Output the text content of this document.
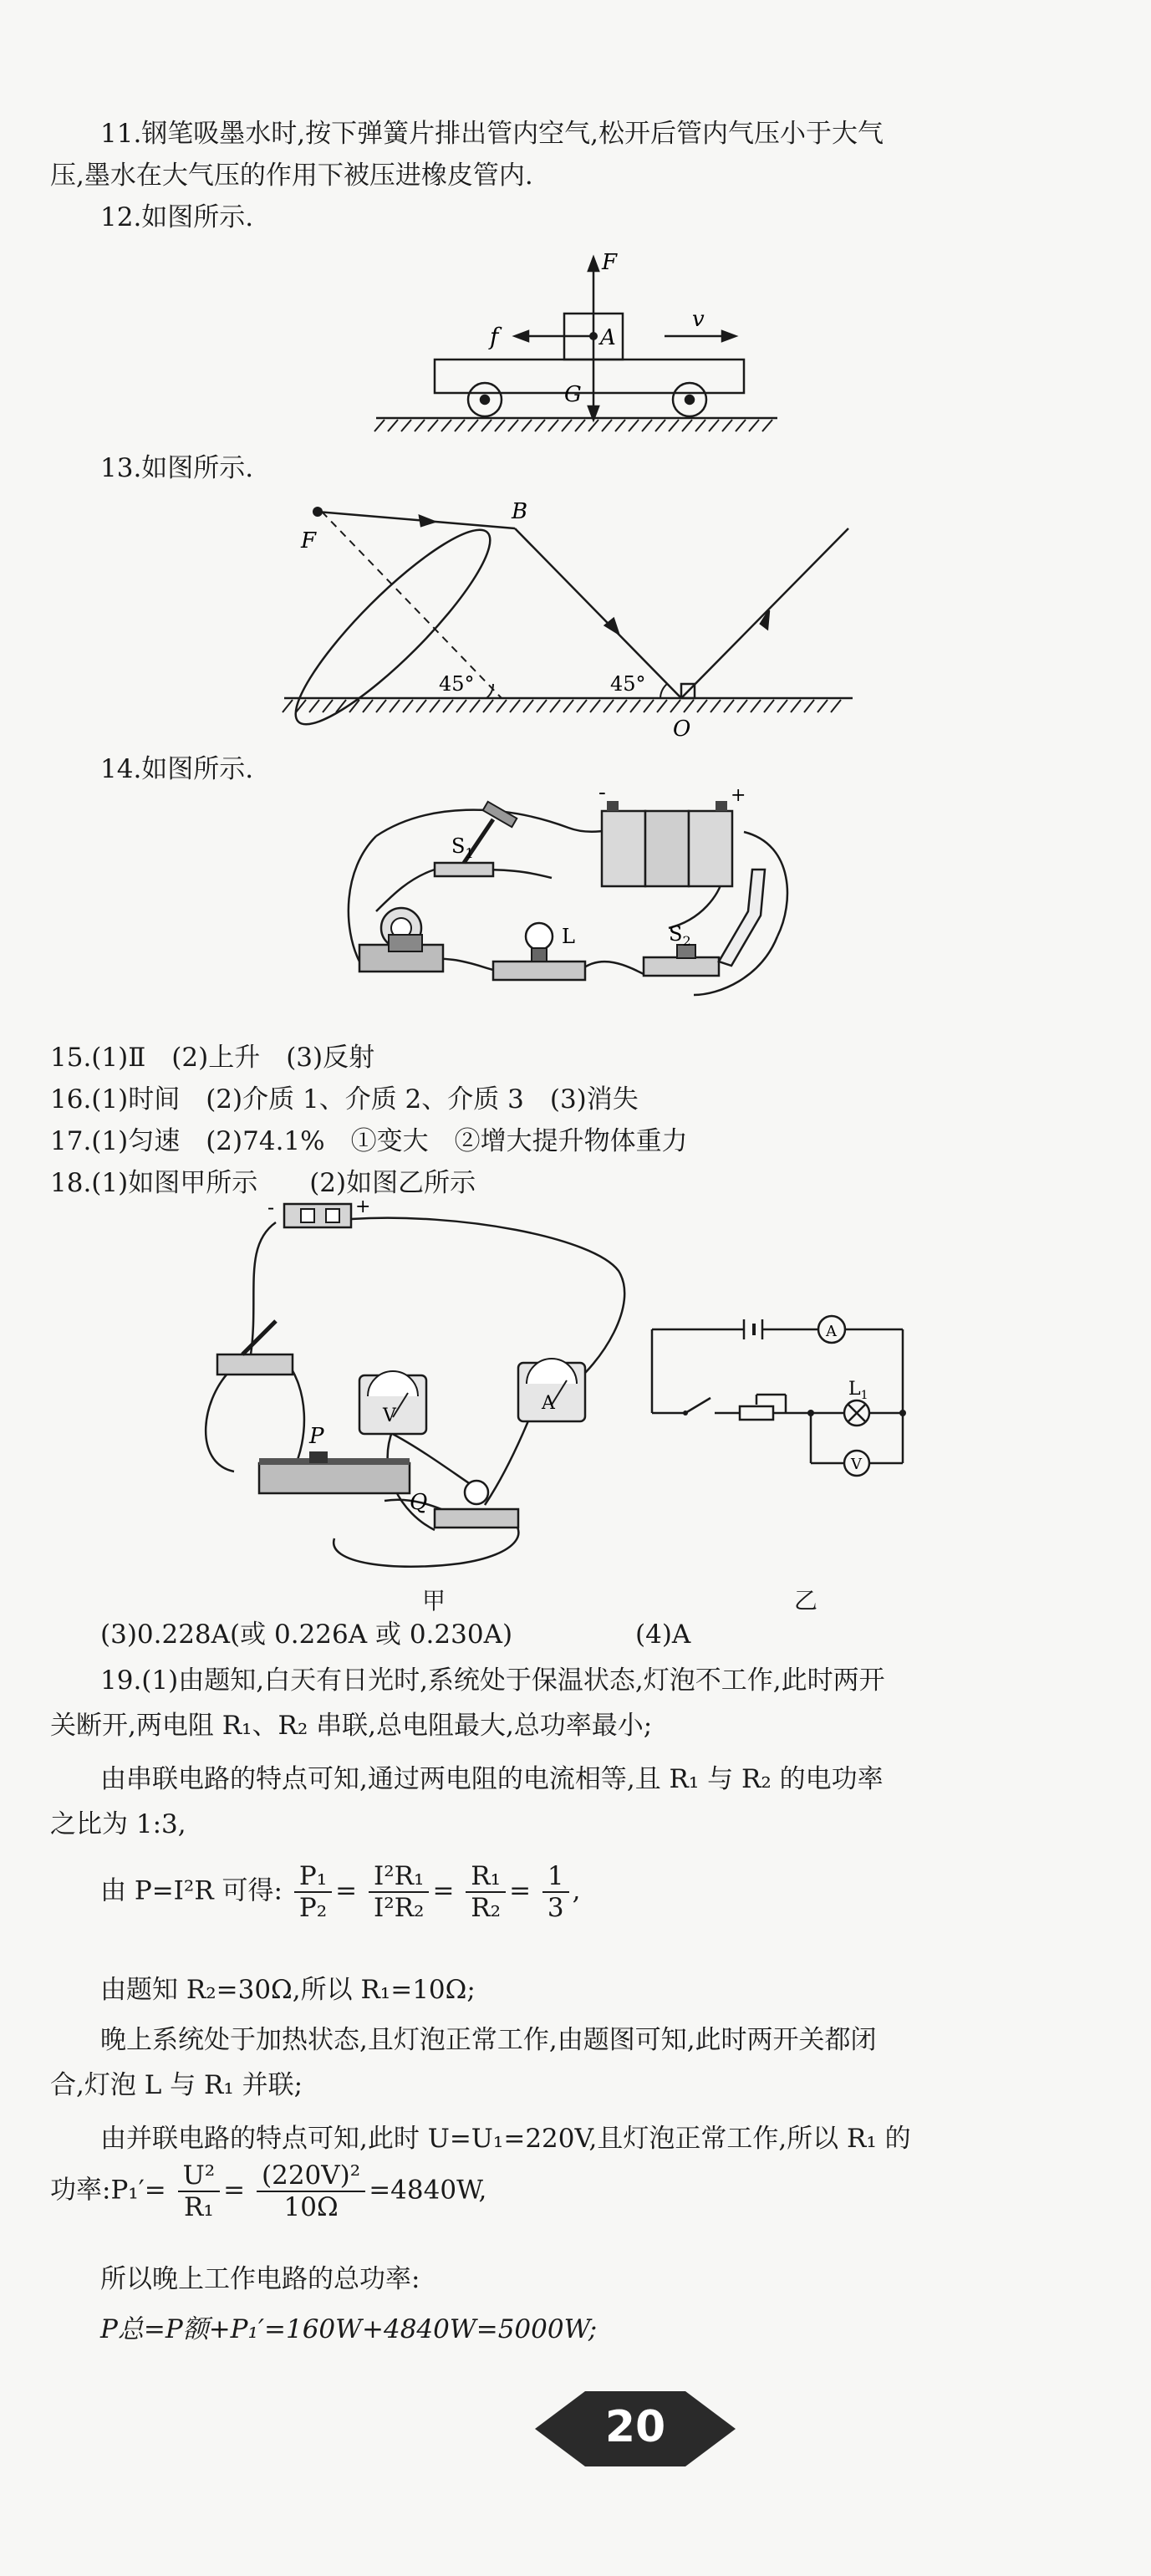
11.钢笔吸墨水时,按下弹簧片排出管内空气,松开后管内气压小于大气
压,墨水在大气压的作用下被压进橡皮管内.
12.如图所示.
F
A
f
v
G
13.如图所示.
F
B
O
45°	45°
14.如图所示.
$S_1$
$S_2$
L
-	+
15.(1)Ⅱ　(2)上升　(3)反射
16.(1)时间　(2)介质 1、介质 2、介质 3　(3)消失
17.(1)匀速　(2)74.1%　①变大　②增大提升物体重力
18.(1)如图甲所示　　(2)如图乙所示
-	+
V
A
P
Q
甲
A
V
$L_1$
乙
(3)0.228A(或 0.226A 或 0.230A)	(4)A
19.(1)由题知,白天有日光时,系统处于保温状态,灯泡不工作,此时两开
关断开,两电阻 R₁、R₂ 串联,总电阻最大,总功率最小;
由串联电路的特点可知,通过两电阻的电流相等,且 R₁ 与 R₂ 的电功率
之比为 1:3,
由 P=I²R 可得: $\frac{\text{P₁}}{\text{P₂}} = \frac{\text{I²R₁}}{\text{I²R₂}} = \frac{\text{R₁}}{\text{R₂}} = \frac{1}{3}$ ,
由题知 R₂=30Ω,所以 R₁=10Ω;
晚上系统处于加热状态,且灯泡正常工作,由题图可知,此时两开关都闭
合,灯泡 L 与 R₁ 并联;
由并联电路的特点可知,此时 U=U₁=220V,且灯泡正常工作,所以 R₁ 的
功率:P₁′= $\frac{\text{U²}}{\text{R₁}} = \frac{\text{(220V)²}}{10\Omega} =4840W$,
所以晚上工作电路的总功率:
P总=P额+P₁′=160W+4840W=5000W;
20
